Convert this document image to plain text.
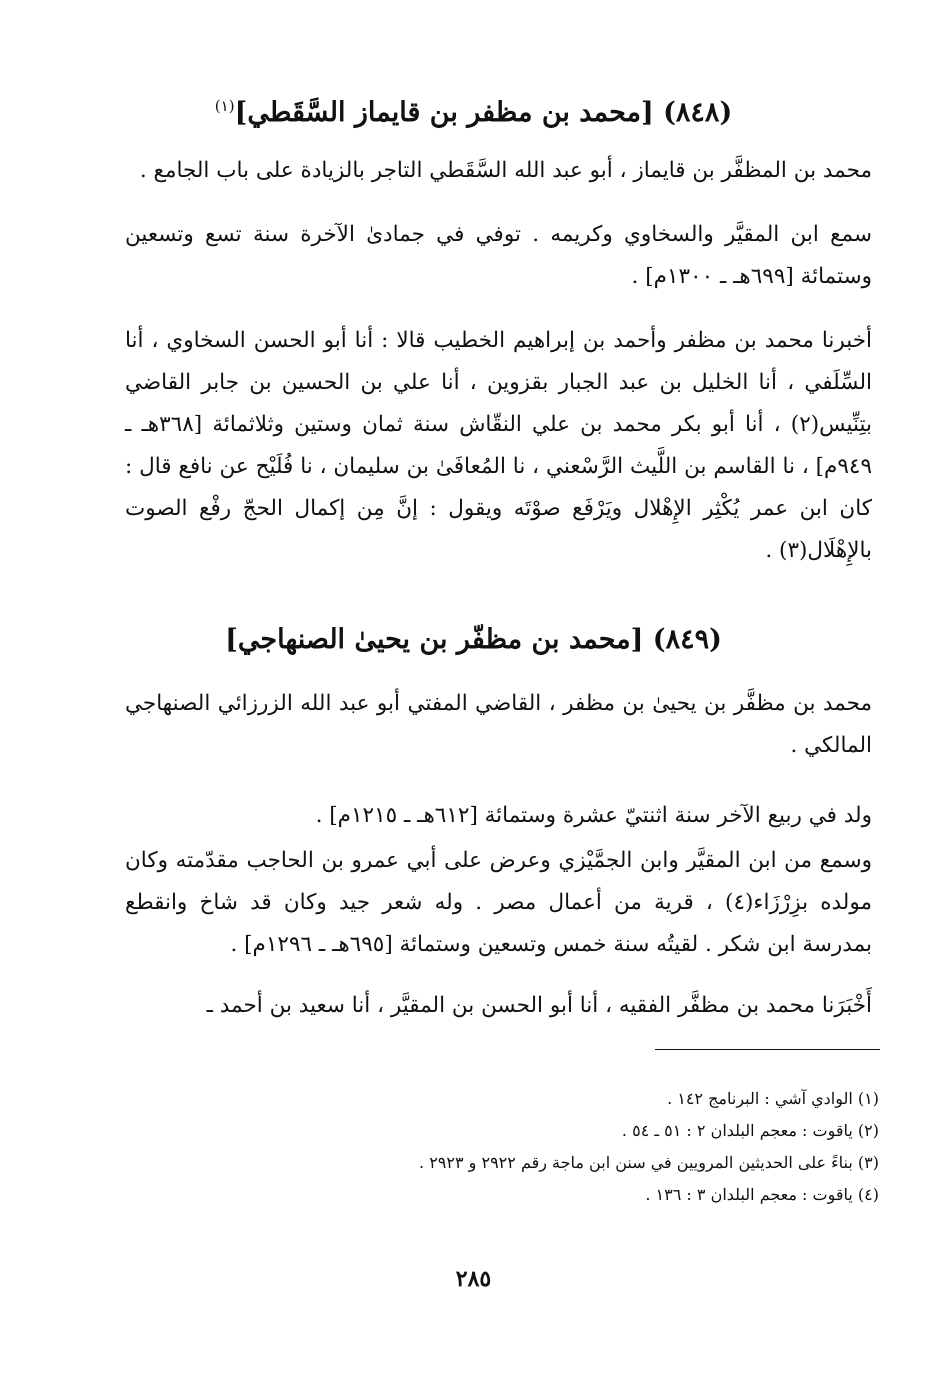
(٨٤٨) [محمد بن مظفر بن قايماز السَّقَطي]$^{(١)}$
محمد بن المظفَّر بن قايماز ، أبو عبد الله السَّقَطي التاجر بالزيادة على باب الجامع .
سمع ابن المقيَّر والسخاوي وكريمه . توفي في جمادىٰ الآخرة سنة تسع وتسعين وستمائة [٦٩٩هـ ـ ١٣٠٠م] .
أخبرنا محمد بن مظفر وأحمد بن إبراهيم الخطيب قالا : أنا أبو الحسن السخاوي ، أنا السِّلَفي ، أنا الخليل بن عبد الجبار بقزوين ، أنا علي بن الحسين بن جابر القاضي بتِنِّيس(٢) ، أنا أبو بكر محمد بن علي النقّاش سنة ثمان وستين وثلاثمائة [٣٦٨هـ ـ ٩٤٩م] ، نا القاسم بن اللَّيث الرَّسْعني ، نا المُعافَىٰ بن سليمان ، نا فُلَيْح عن نافع قال : كان ابن عمر يُكْثِر الإِهْلال ويَرْفَع صوْتَه ويقول : إنَّ مِن إكمال الحجّ رفْع الصوت بالإِهْلَال(٣) .
(٨٤٩) [محمد بن مظفّر بن يحيىٰ الصنهاجي]
محمد بن مظفَّر بن يحيىٰ بن مظفر ، القاضي المفتي أبو عبد الله الزرزائي الصنهاجي المالكي .
ولد في ربيع الآخر سنة اثنتيّ عشرة وستمائة [٦١٢هـ ـ ١٢١٥م] .
وسمع من ابن المقيَّر وابن الجمَّيْزي وعرض على أبي عمرو بن الحاجب مقدّمته وكان مولده بزِرْزَاء(٤) ، قرية من أعمال مصر . وله شعر جيد وكان قد شاخ وانقطع بمدرسة ابن شكر . لقيتُه سنة خمس وتسعين وستمائة [٦٩٥هـ ـ ١٢٩٦م] .
أَخْبَرَنا محمد بن مظفَّر الفقيه ، أنا أبو الحسن بن المقيَّر ، أنا سعيد بن أحمد ـ
(١) الوادي آشي : البرنامج ١٤٢ .
(٢) ياقوت : معجم البلدان ٢ : ٥١ ـ ٥٤ .
(٣) بناءً على الحديثين المرويين في سنن ابن ماجة رقم ٢٩٢٢ و ٢٩٢٣ .
(٤) ياقوت : معجم البلدان ٣ : ١٣٦ .
٢٨٥
